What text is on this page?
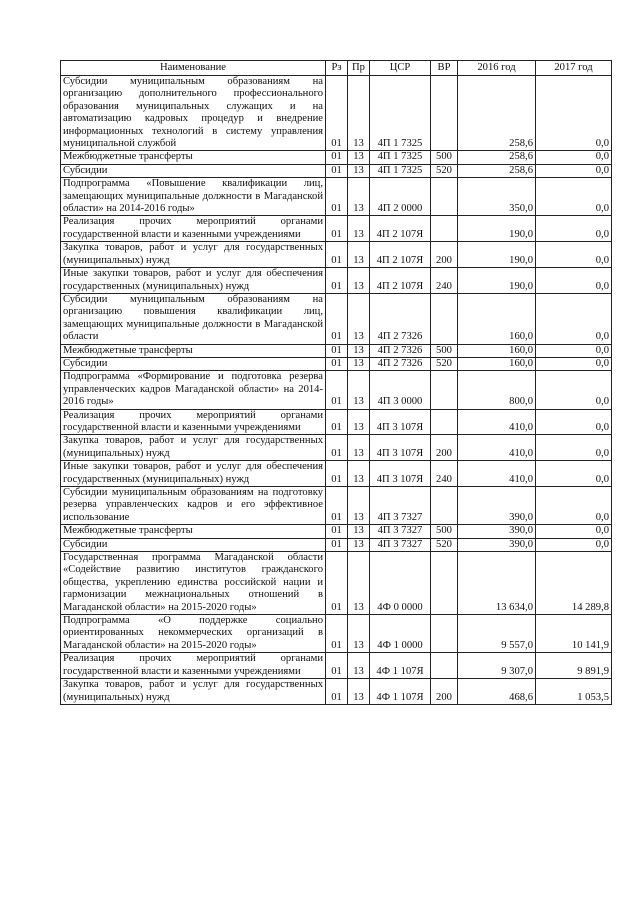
Наименование	Рз	Пр	ЦСР	ВР	2016 год	2017 год
Субсидии муниципальным образованиям на организацию дополнительного профессионального образования муниципальных служащих и на автоматизацию кадровых процедур и внедрение информационных технологий в систему управления муниципальной службой	01	13	4П 1 7325		258,6	0,0
Межбюджетные трансферты	01	13	4П 1 7325	500	258,6	0,0
Субсидии	01	13	4П 1 7325	520	258,6	0,0
Подпрограмма «Повышение квалификации лиц, замещающих муниципальные должности в Магаданской области» на 2014-2016 годы»	01	13	4П 2 0000		350,0	0,0
Реализация прочих мероприятий органами государственной власти и казенными учреждениями	01	13	4П 2 107Я		190,0	0,0
Закупка товаров, работ и услуг для государственных (муниципальных) нужд	01	13	4П 2 107Я	200	190,0	0,0
Иные закупки товаров, работ и услуг для обеспечения государственных (муниципальных) нужд	01	13	4П 2 107Я	240	190,0	0,0
Субсидии муниципальным образованиям на организацию повышения квалификации лиц, замещающих муниципальные должности в Магаданской области	01	13	4П 2 7326		160,0	0,0
Межбюджетные трансферты	01	13	4П 2 7326	500	160,0	0,0
Субсидии	01	13	4П 2 7326	520	160,0	0,0
Подпрограмма «Формирование и подготовка резерва управленческих кадров Магаданской области» на 2014-2016 годы»	01	13	4П 3 0000		800,0	0,0
Реализация прочих мероприятий органами государственной власти и казенными учреждениями	01	13	4П 3 107Я		410,0	0,0
Закупка товаров, работ и услуг для государственных (муниципальных) нужд	01	13	4П 3 107Я	200	410,0	0,0
Иные закупки товаров, работ и услуг для обеспечения государственных (муниципальных) нужд	01	13	4П 3 107Я	240	410,0	0,0
Субсидии муниципальным образованиям на подготовку резерва управленческих кадров и его эффективное использование	01	13	4П 3 7327		390,0	0,0
Межбюджетные трансферты	01	13	4П 3 7327	500	390,0	0,0
Субсидии	01	13	4П 3 7327	520	390,0	0,0
Государственная программа Магаданской области «Содействие развитию институтов гражданского общества, укреплению единства российской нации и гармонизации межнациональных отношений в Магаданской области» на 2015-2020 годы»	01	13	4Ф 0 0000		13 634,0	14 289,8
Подпрограмма «О поддержке социально ориентированных некоммерческих организаций в Магаданской области» на 2015-2020 годы»	01	13	4Ф 1 0000		9 557,0	10 141,9
Реализация прочих мероприятий органами государственной власти и казенными учреждениями	01	13	4Ф 1 107Я		9 307,0	9 891,9
Закупка товаров, работ и услуг для государственных (муниципальных) нужд	01	13	4Ф 1 107Я	200	468,6	1 053,5
